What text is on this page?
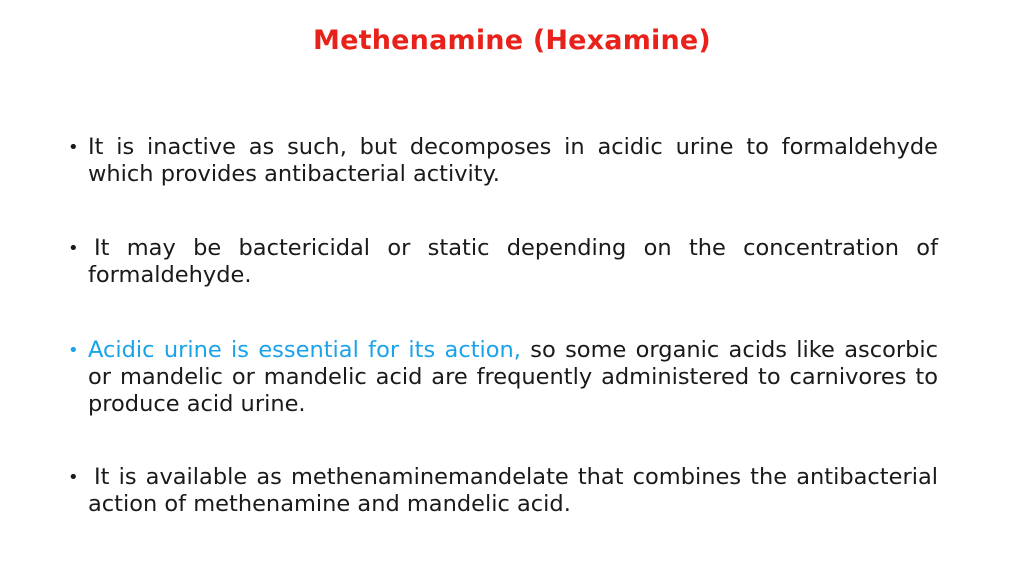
Methenamine (Hexamine)

• It is inactive as such, but decomposes in acidic urine to formaldehyde which provides antibacterial activity.

• It may be bactericidal or static depending on the concentration of formaldehyde.

• Acidic urine is essential for its action, so some organic acids like ascorbic or mandelic or mandelic acid are frequently administered to carnivores to produce acid urine.

• It is available as methenaminemandelate that combines the antibacterial action of methenamine and mandelic acid.
